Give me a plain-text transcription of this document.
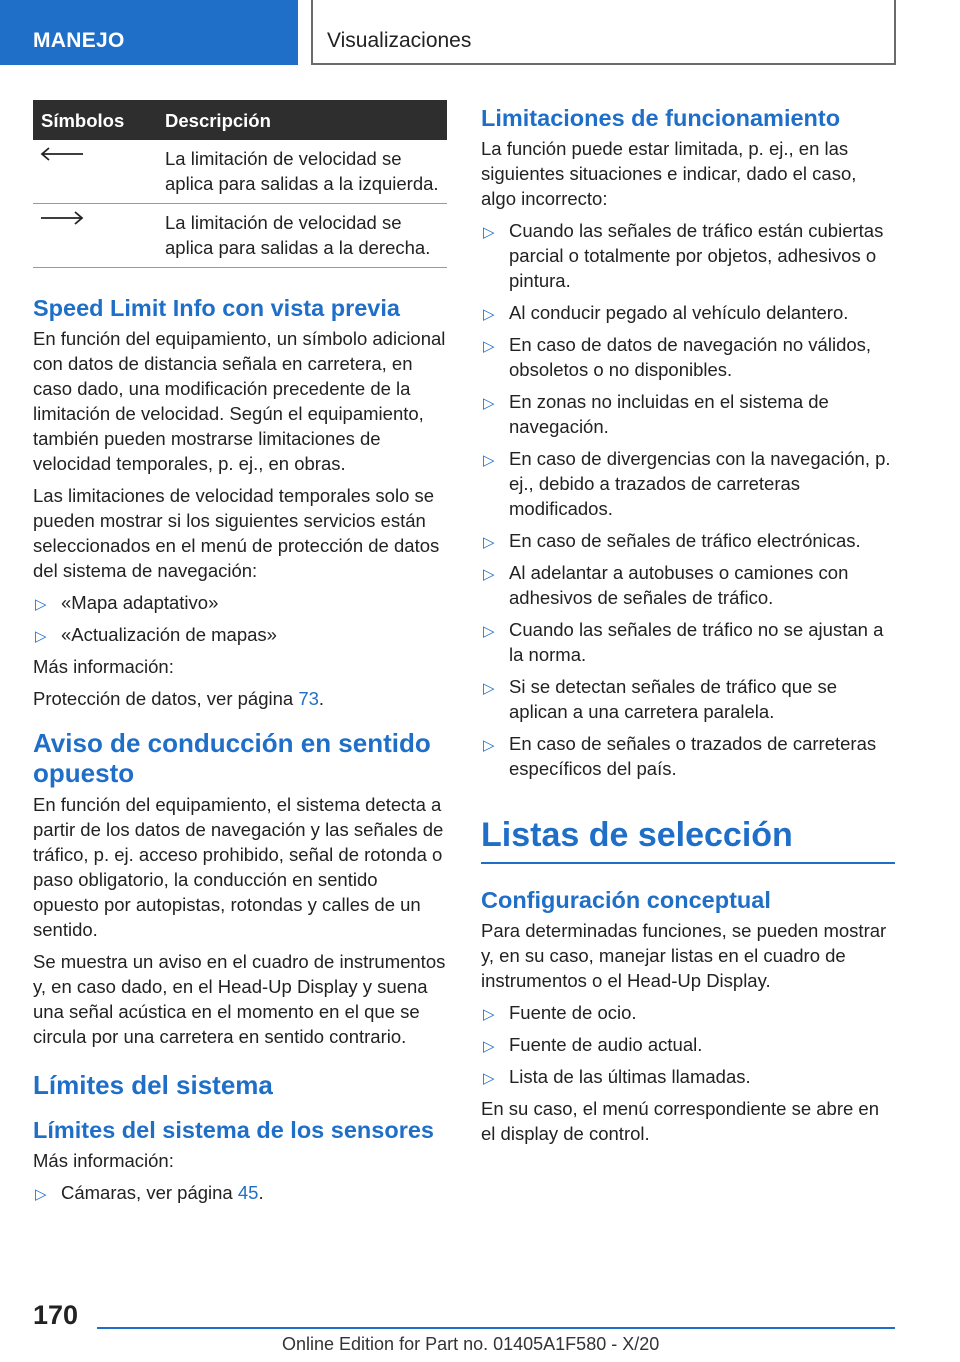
MANEJO	Visualizaciones
Símbolos	Descripción

	La limitación de velocidad se aplica para salidas a la izquierda.

	La limitación de velocidad se aplica para salidas a la derecha.
Speed Limit Info con vista previa

En función del equipamiento, un símbolo adicional con datos de distancia señala en carretera, en caso dado, una modificación precedente de la limitación de velocidad. Según el equipamiento, también pueden mostrarse limitaciones de velocidad temporales, p. ej., en obras.

Las limitaciones de velocidad temporales solo se pueden mostrar si los siguientes servicios están seleccionados en el menú de protección de datos del sistema de navegación:

▷ «Mapa adaptativo»
▷ «Actualización de mapas»

Más información:

Protección de datos, ver página 73.

Aviso de conducción en sentido opuesto

En función del equipamiento, el sistema detecta a partir de los datos de navegación y las señales de tráfico, p. ej. acceso prohibido, señal de rotonda o paso obligatorio, la conducción en sentido opuesto por autopistas, rotondas y calles de un sentido.

Se muestra un aviso en el cuadro de instrumentos y, en caso dado, en el Head-Up Display y suena una señal acústica en el momento en el que se circula por una carretera en sentido contrario.

Límites del sistema
Límites del sistema de los sensores

Más información:

▷ Cámaras, ver página 45.
Limitaciones de funcionamiento

La función puede estar limitada, p. ej., en las siguientes situaciones e indicar, dado el caso, algo incorrecto:

▷ Cuando las señales de tráfico están cubiertas parcial o totalmente por objetos, adhesivos o pintura.
▷ Al conducir pegado al vehículo delantero.
▷ En caso de datos de navegación no válidos, obsoletos o no disponibles.
▷ En zonas no incluidas en el sistema de navegación.
▷ En caso de divergencias con la navegación, p. ej., debido a trazados de carreteras modificados.
▷ En caso de señales de tráfico electrónicas.
▷ Al adelantar a autobuses o camiones con adhesivos de señales de tráfico.
▷ Cuando las señales de tráfico no se ajustan a la norma.
▷ Si se detectan señales de tráfico que se aplican a una carretera paralela.
▷ En caso de señales o trazados de carreteras específicos del país.
Listas de selección
Configuración conceptual

Para determinadas funciones, se pueden mostrar y, en su caso, manejar listas en el cuadro de instrumentos o el Head-Up Display.

▷ Fuente de ocio.
▷ Fuente de audio actual.
▷ Lista de las últimas llamadas.

En su caso, el menú correspondiente se abre en el display de control.

170
Online Edition for Part no. 01405A1F580 - X/20
